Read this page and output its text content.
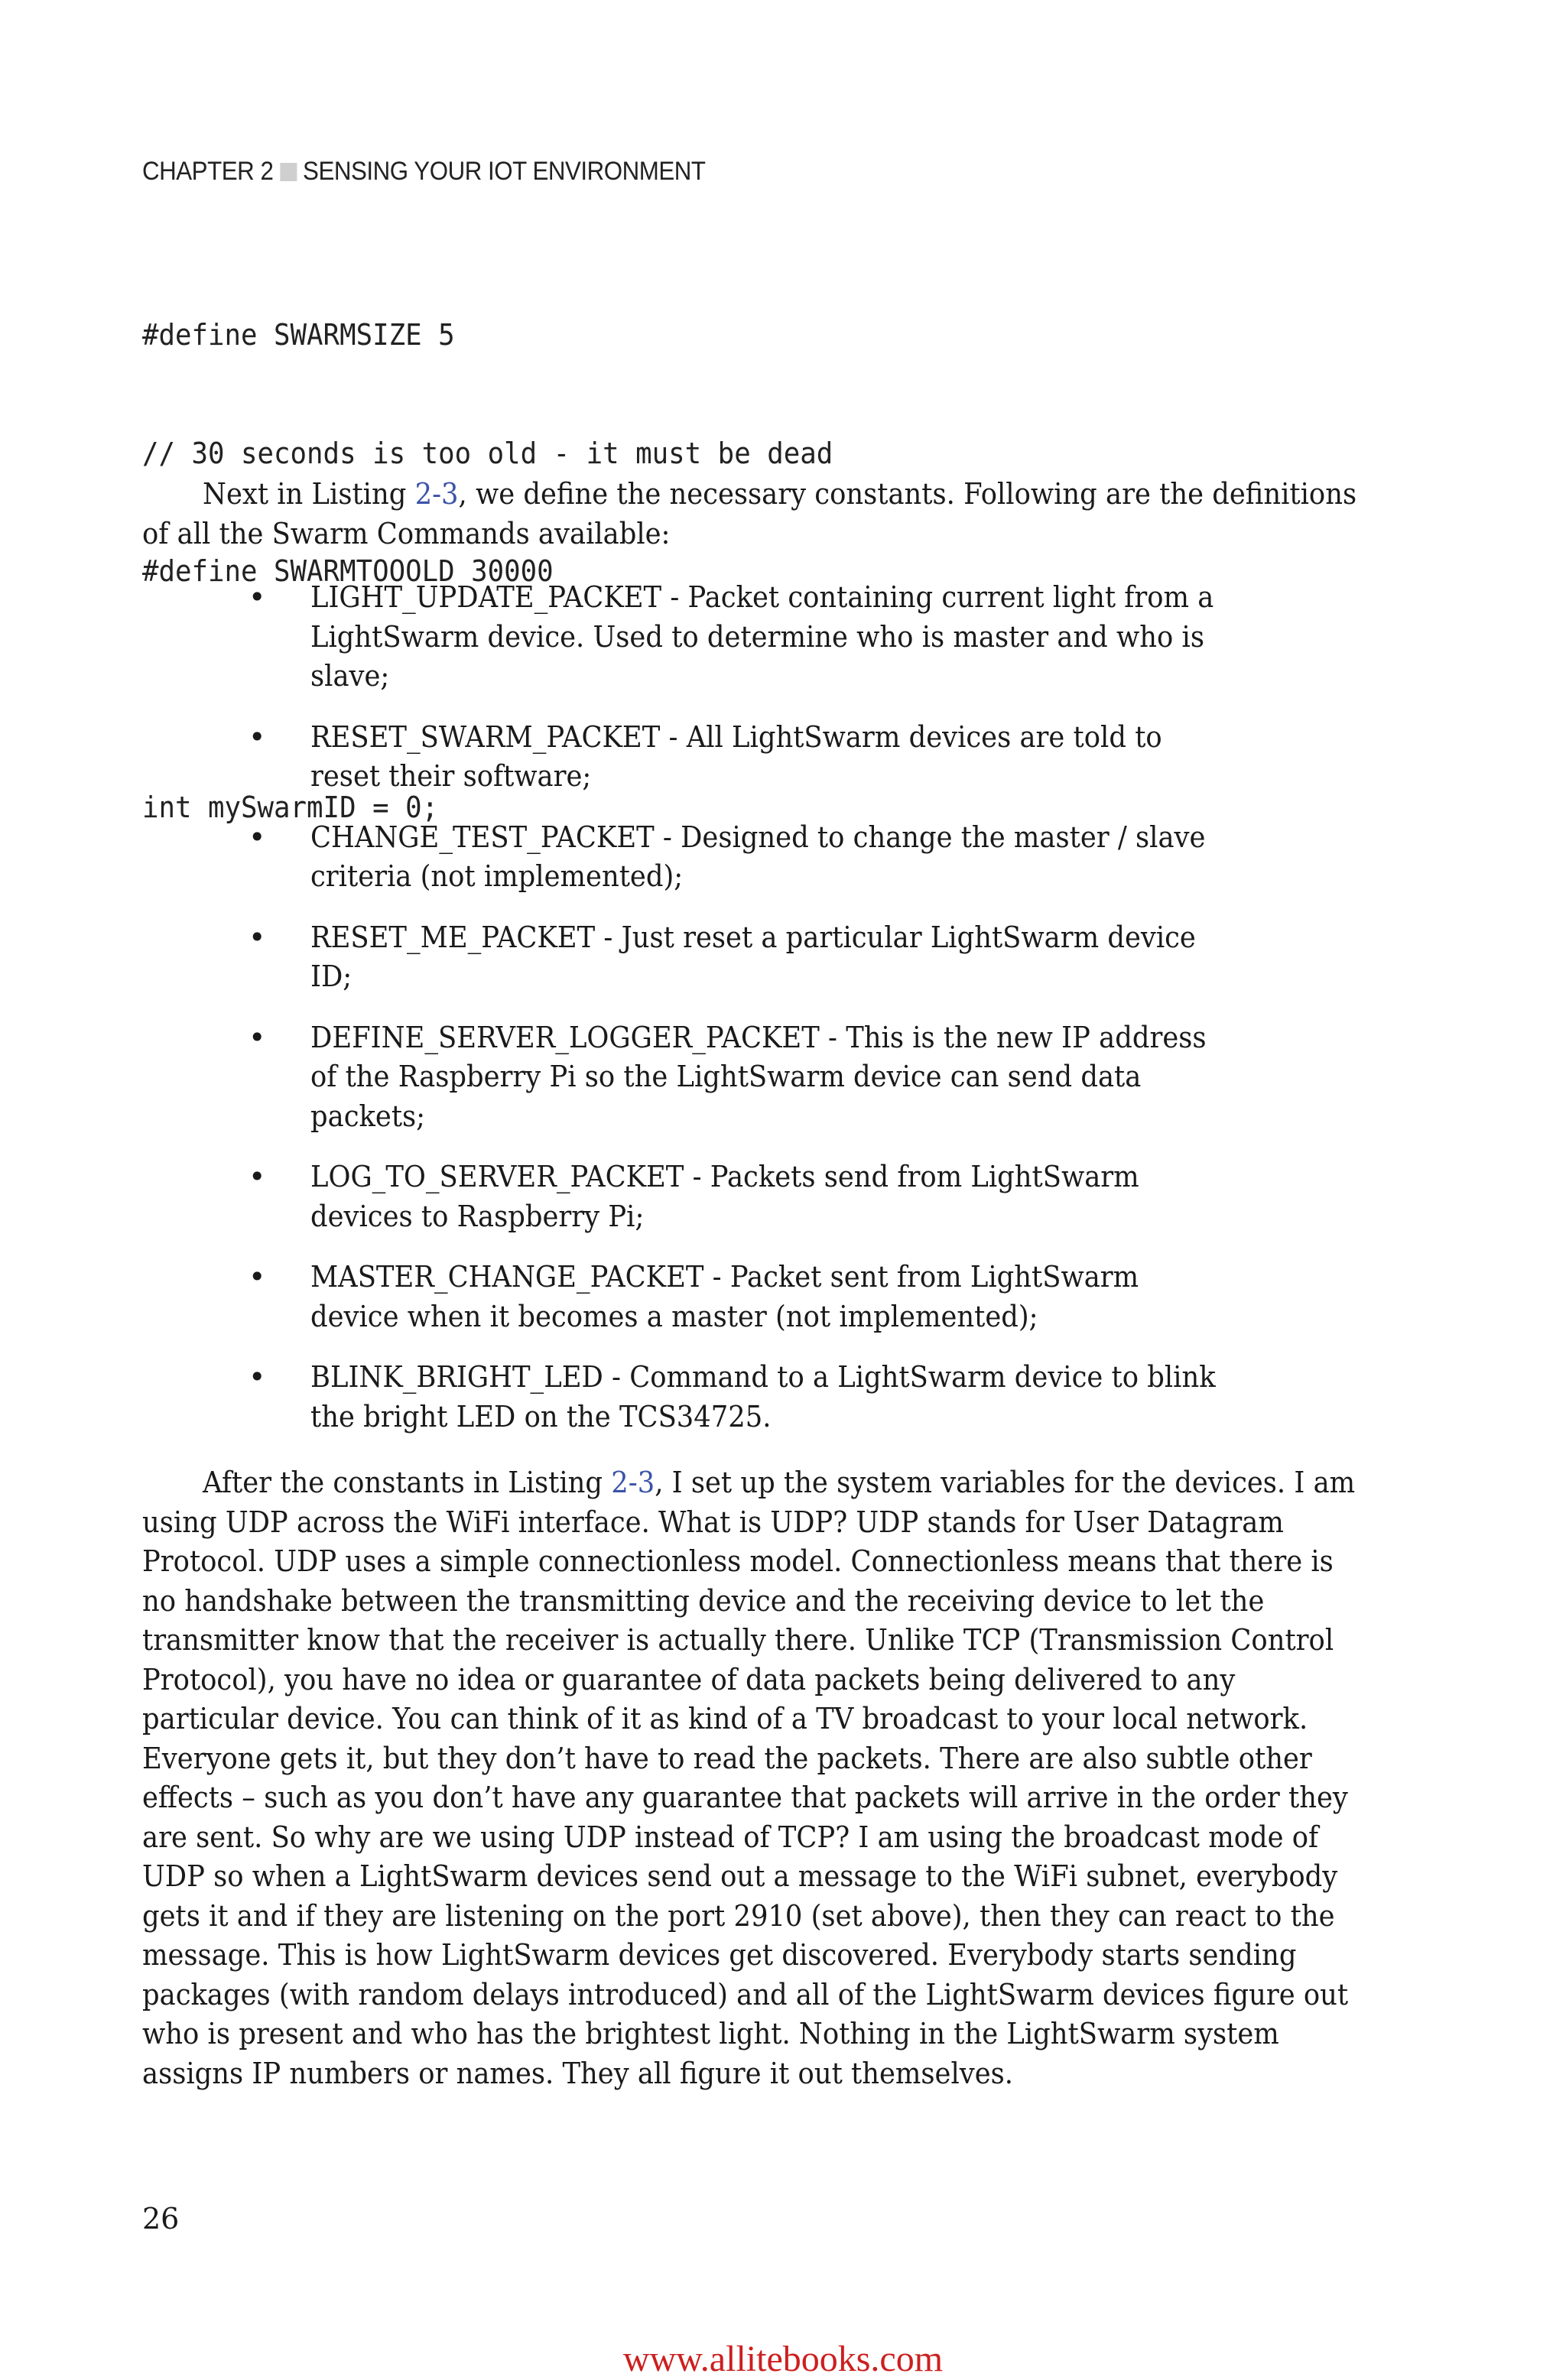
CHAPTER 2 SENSING YOUR IOT ENVIRONMENT

#define SWARMSIZE 5

// 30 seconds is too old - it must be dead

#define SWARMTOOOLD 30000

int mySwarmID = 0;

Next in Listing 2-3, we define the necessary constants. Following are the definitions of all the Swarm Commands available:
• LIGHT_UPDATE_PACKET - Packet containing current light from a LightSwarm device. Used to determine who is master and who is slave;
• RESET_SWARM_PACKET - All LightSwarm devices are told to reset their software;
• CHANGE_TEST_PACKET - Designed to change the master / slave criteria (not implemented);
• RESET_ME_PACKET - Just reset a particular LightSwarm device ID;
• DEFINE_SERVER_LOGGER_PACKET - This is the new IP address of the Raspberry Pi so the LightSwarm device can send data packets;
• LOG_TO_SERVER_PACKET - Packets send from LightSwarm devices to Raspberry Pi;
• MASTER_CHANGE_PACKET - Packet sent from LightSwarm device when it becomes a master (not implemented);
• BLINK_BRIGHT_LED - Command to a LightSwarm device to blink the bright LED on the TCS34725.
After the constants in Listing 2-3, I set up the system variables for the devices. I am using UDP across the WiFi interface. What is UDP? UDP stands for User Datagram Protocol. UDP uses a simple connectionless model. Connectionless means that there is no handshake between the transmitting device and the receiving device to let the transmitter know that the receiver is actually there. Unlike TCP (Transmission Control Protocol), you have no idea or guarantee of data packets being delivered to any particular device. You can think of it as kind of a TV broadcast to your local network. Everyone gets it, but they don’t have to read the packets. There are also subtle other effects – such as you don’t have any guarantee that packets will arrive in the order they are sent. So why are we using UDP instead of TCP? I am using the broadcast mode of UDP so when a LightSwarm devices send out a message to the WiFi subnet, everybody gets it and if they are listening on the port 2910 (set above), then they can react to the message. This is how LightSwarm devices get discovered. Everybody starts sending packages (with random delays introduced) and all of the LightSwarm devices figure out who is present and who has the brightest light. Nothing in the LightSwarm system assigns IP numbers or names. They all figure it out themselves.
26
www.allitebooks.com
